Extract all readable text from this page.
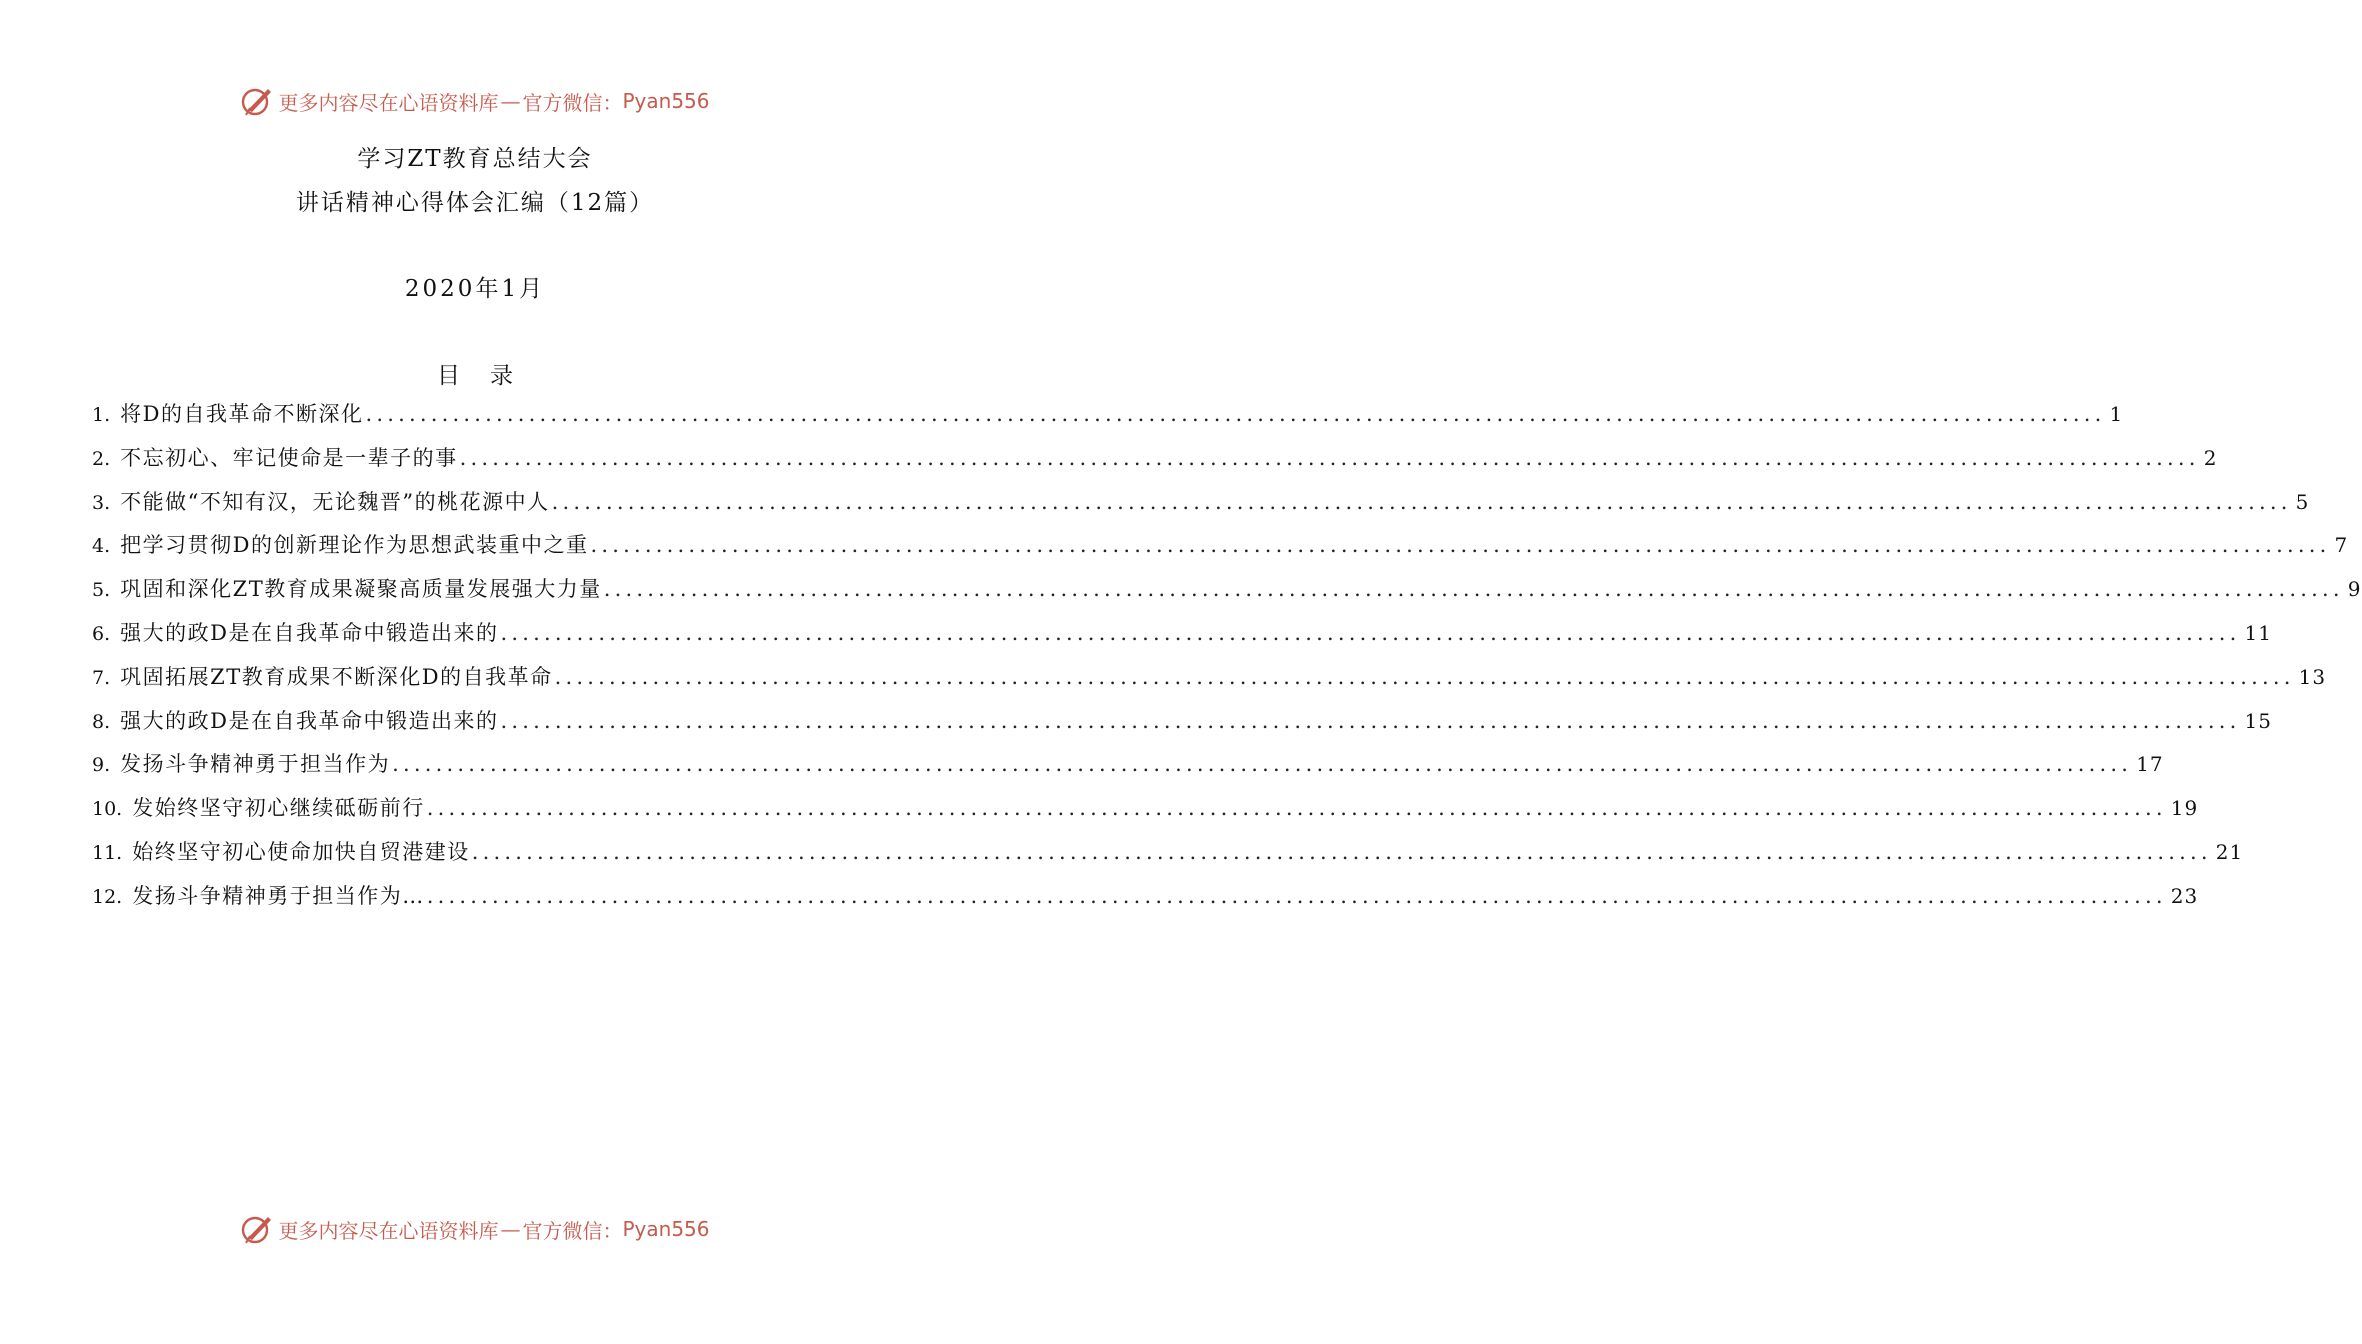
更多内容尽在心语资料库 — 官方微信： Pyan556
学习ZT教育总结大会
讲话精神心得体会汇编（12篇）
2020年1月
目录
1. 将D的自我革命不断深化 ................................................................................................................................................................ 1
2. 不忘初心、牢记使命是一辈子的事 ................................................................................................................................................................ 2
3. 不能做“不知有汉，无论魏晋”的桃花源中人 ................................................................................................................................................................ 5
4. 把学习贯彻D的创新理论作为思想武装重中之重 ................................................................................................................................................................ 7
5. 巩固和深化ZT教育成果凝聚高质量发展强大力量 ................................................................................................................................................................ 9
6. 强大的政D是在自我革命中锻造出来的 ................................................................................................................................................................ 11
7. 巩固拓展ZT教育成果不断深化D的自我革命 ................................................................................................................................................................ 13
8. 强大的政D是在自我革命中锻造出来的 ................................................................................................................................................................ 15
9. 发扬斗争精神勇于担当作为 ................................................................................................................................................................ 17
10. 发始终坚守初心继续砥砺前行 ................................................................................................................................................................ 19
11. 始终坚守初心使命加快自贸港建设 ................................................................................................................................................................ 21
12. 发扬斗争精神勇于担当作为… ................................................................................................................................................................ 23
更多内容尽在心语资料库 — 官方微信： Pyan556
